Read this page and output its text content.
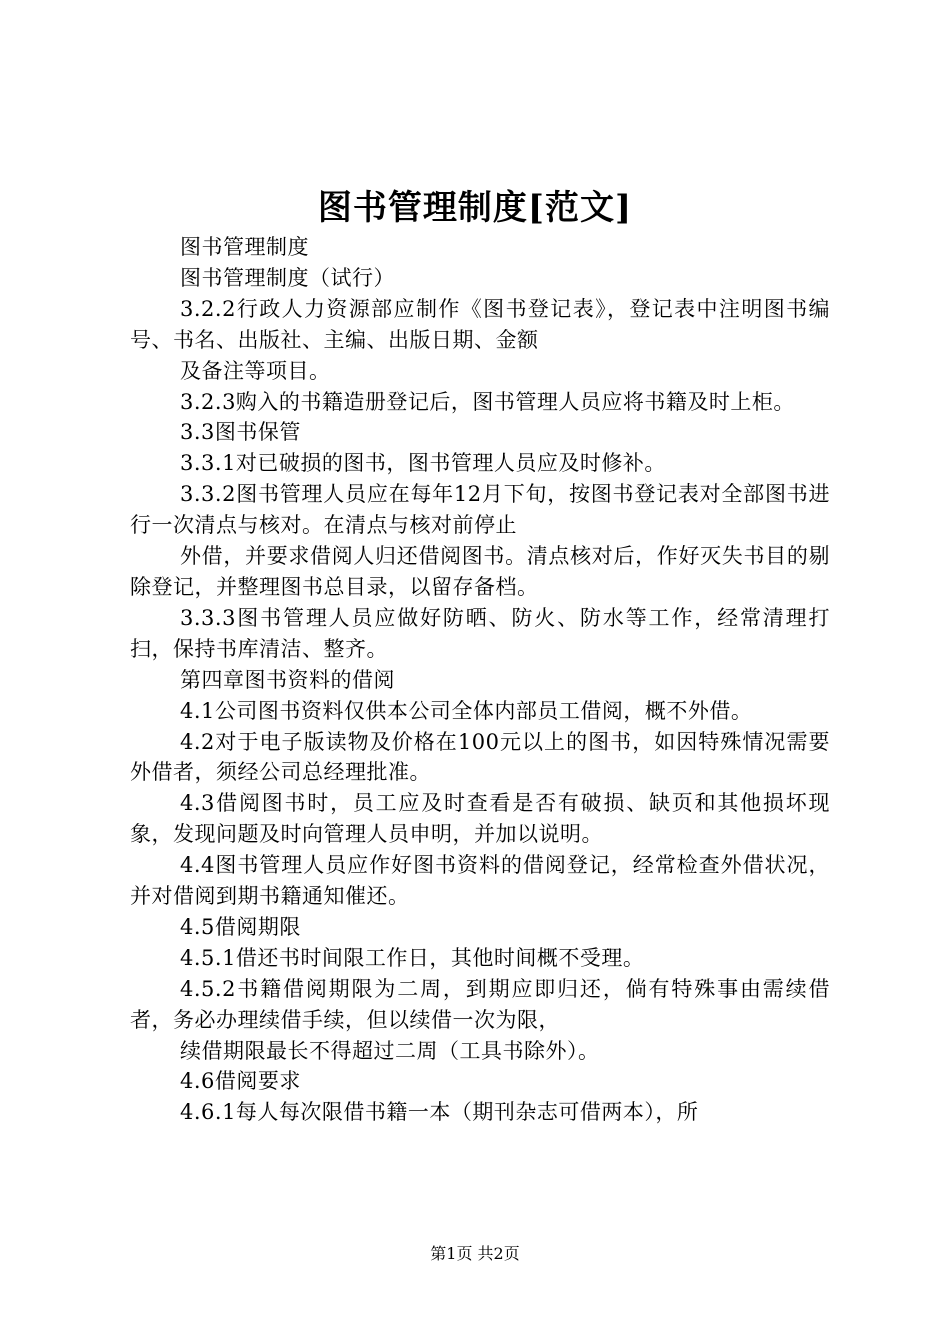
图书管理制度[范文]

图书管理制度

图书管理制度（试行）

3.2.2行政人力资源部应制作《图书登记表》，登记表中注明图书编号、书名、出版社、主编、出版日期、金额

及备注等项目。

3.2.3购入的书籍造册登记后，图书管理人员应将书籍及时上柜。

3.3图书保管

3.3.1对已破损的图书，图书管理人员应及时修补。

3.3.2图书管理人员应在每年12月下旬，按图书登记表对全部图书进行一次清点与核对。在清点与核对前停止

外借，并要求借阅人归还借阅图书。清点核对后，作好灭失书目的剔除登记，并整理图书总目录，以留存备档。

3.3.3图书管理人员应做好防晒、防火、防水等工作，经常清理打扫，保持书库清洁、整齐。

第四章图书资料的借阅

4.1公司图书资料仅供本公司全体内部员工借阅，概不外借。

4.2对于电子版读物及价格在100元以上的图书，如因特殊情况需要外借者，须经公司总经理批准。

4.3借阅图书时，员工应及时查看是否有破损、缺页和其他损坏现象，发现问题及时向管理人员申明，并加以说明。

4.4图书管理人员应作好图书资料的借阅登记，经常检查外借状况，并对借阅到期书籍通知催还。

4.5借阅期限

4.5.1借还书时间限工作日，其他时间概不受理。

4.5.2书籍借阅期限为二周，到期应即归还，倘有特殊事由需续借者，务必办理续借手续，但以续借一次为限，

续借期限最长不得超过二周（工具书除外）。

4.6借阅要求

4.6.1每人每次限借书籍一本（期刊杂志可借两本），所

第1页 共2页
